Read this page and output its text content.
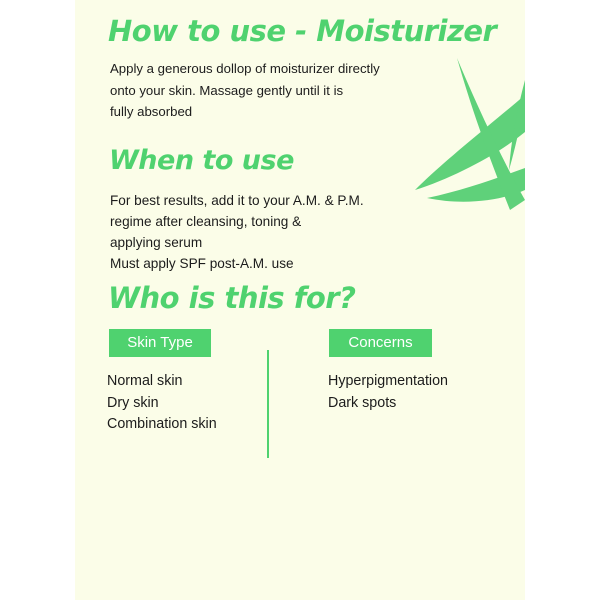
How to use - Moisturizer
Apply a generous dollop of moisturizer directly
onto your skin. Massage gently until it is
fully absorbed
When to use
For best results, add it to your A.M. & P.M.
regime after cleansing, toning &
applying serum
Must apply SPF post-A.M. use
Who is this for?
Skin Type	Concerns
Normal skin
Dry skin
Combination skin
Hyperpigmentation
Dark spots
